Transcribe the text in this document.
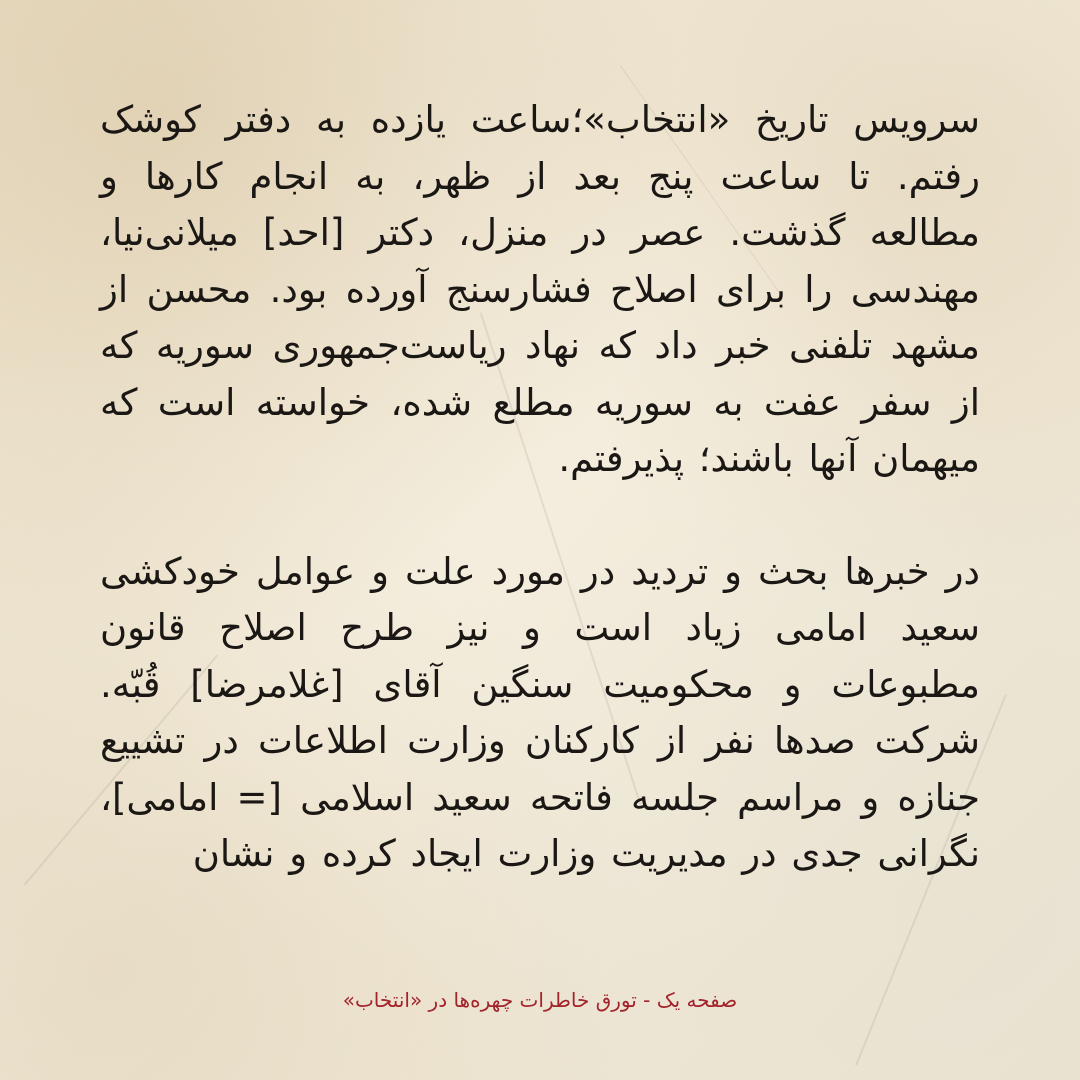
سرویس تاریخ «انتخاب»؛ساعت یازده به دفتر کوشک رفتم. تا ساعت پنج بعد از ظهر، به انجام کارها و مطالعه گذشت. عصر در منزل، دکتر [احد] میلانی‌نیا، مهندسی را برای اصلاح فشارسنج آورده بود. محسن از مشهد تلفنی خبر داد که نهاد ریاست‌جمهوری سوریه که از سفر عفت به سوریه مطلع شده، خواسته است که میهمان آنها باشند؛ پذیرفتم.

در خبرها بحث و تردید در مورد علت و عوامل خودکشی سعید امامی زیاد است و نیز طرح اصلاح قانون مطبوعات و محکومیت سنگین آقای [غلامرضا] قُبّه. شرکت صدها نفر از کارکنان وزارت اطلاعات در تشییع جنازه و مراسم جلسه فاتحه سعید اسلامی [= امامی]، نگرانی جدی در مدیریت وزارت ایجاد کرده و نشان

صفحه یک - تورق خاطرات چهره‌ها در «انتخاب»
